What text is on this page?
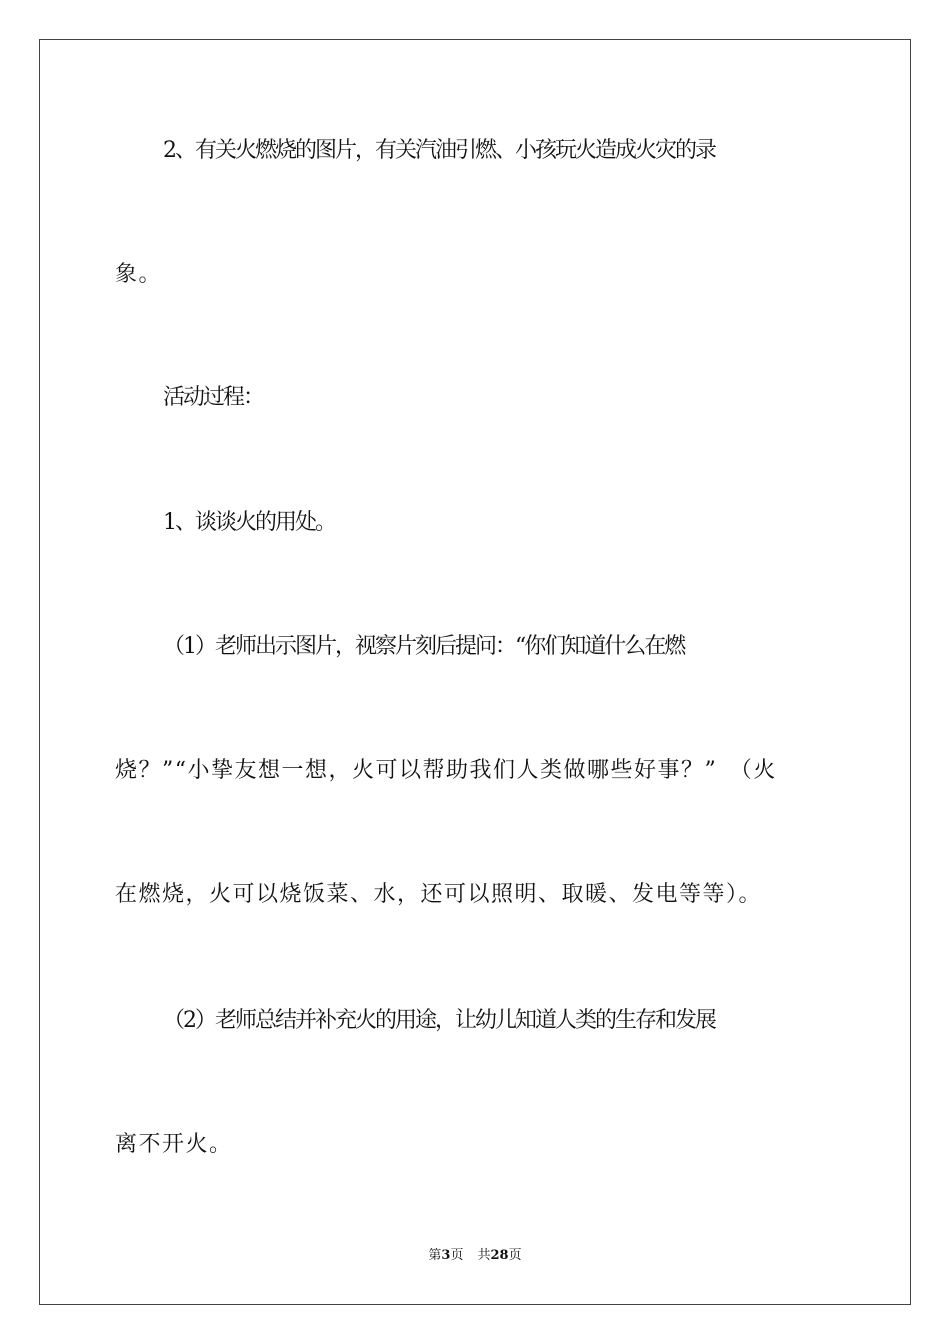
2、有关火燃烧的图片，有关汽油引燃、小孩玩火造成火灾的录
象。
活动过程：
1、谈谈火的用处。
（1）老师出示图片，视察片刻后提问：“你们知道什么在燃
烧？”“小挚友想一想，火可以帮助我们人类做哪些好事？”　（火
在燃烧，火可以烧饭菜、水，还可以照明、取暖、发电等等）。
（2）老师总结并补充火的用途，让幼儿知道人类的生存和发展
离不开火。
第3页 共28页
